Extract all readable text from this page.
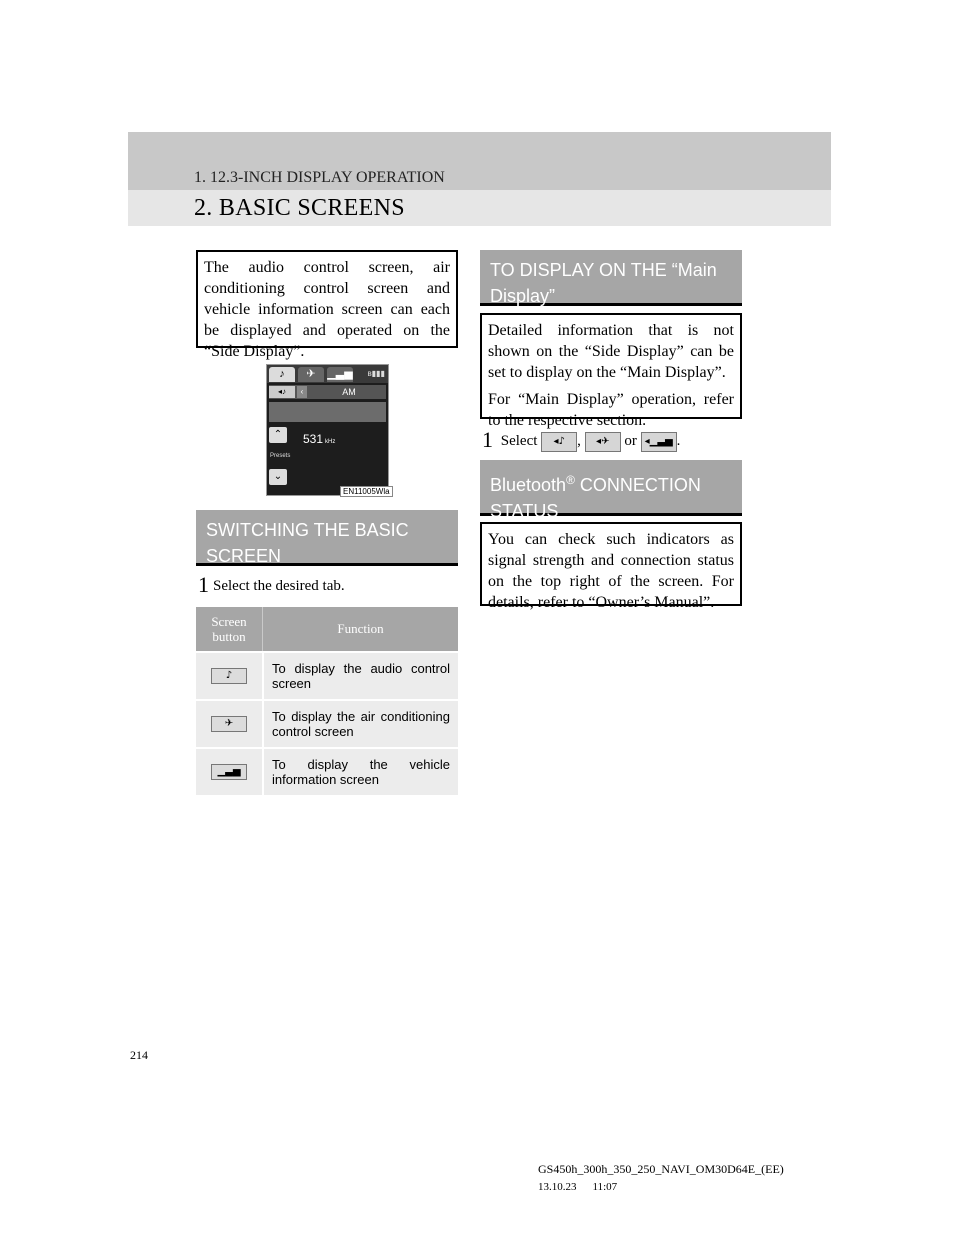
1. 12.3-INCH DISPLAY OPERATION
2. BASIC SCREENS
The audio control screen, air conditioning control screen and vehicle information screen can each be displayed and operated on the “Side Display”.
♪	✈	▁▃▅ ʙ▮▮▮
◂♪	‹	AM
⌃	531 kHz
Presets
⌄
EN11005Wla
SWITCHING THE BASIC SCREEN
1 Select the desired tab.
Screen button
Function
♪	To display the audio control screen
✈	To display the air conditioning control screen
▁▃▅	To display the vehicle information screen
TO DISPLAY ON THE “Main Display”
Detailed information that is not shown on the “Side Display” can be set to display on the “Main Display”.
For “Main Display” operation, refer to the respective section.
1 Select ◂♪ , ◂✈ or ◂▁▃▅ .
Bluetooth® CONNECTION STATUS
You can check such indicators as signal strength and connection status on the top right of the screen. For details, refer to “Owner’s Manual”.
214
GS450h_300h_350_250_NAVI_OM30D64E_(EE)
13.10.23 11:07
